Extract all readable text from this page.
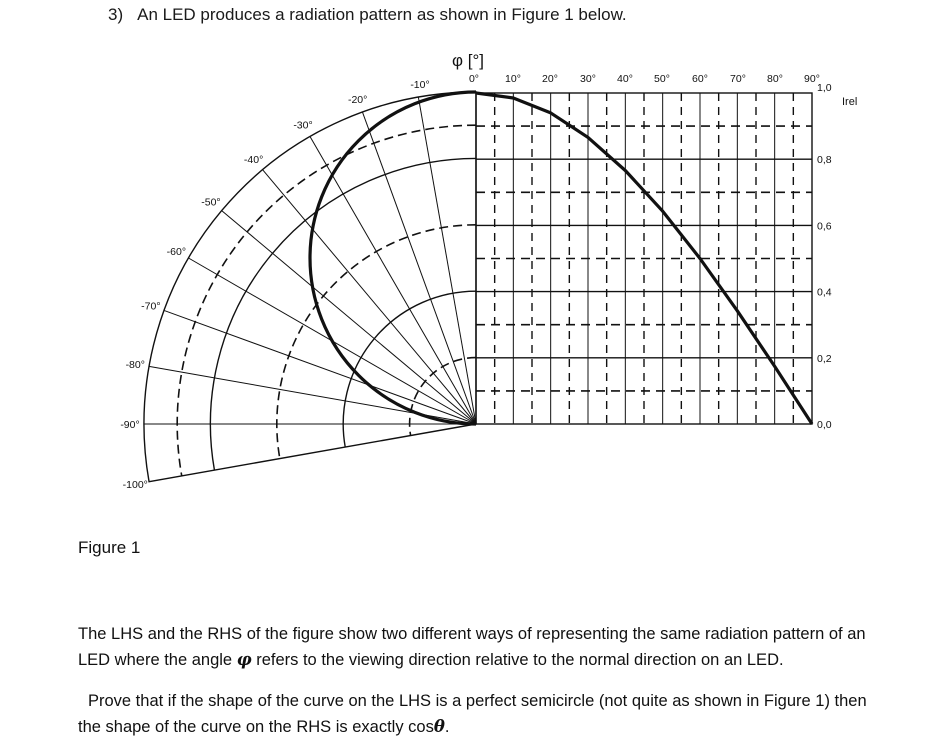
3) An LED produces a radiation pattern as shown in Figure 1 below.
φ [°]
-10°	0° 10° 20° 30° 40° 50° 60° 70° 80° 90°
-20°
-30°
-40°
-50°
-60°
-70°
-80°
-90°
-100°
1,0
0,8
0,6
0,4
0,2
0,0
Irel
Figure 1
The LHS and the RHS of the figure show two different ways of representing the same radiation pattern of an LED where the angle φ refers to the viewing direction relative to the normal direction on an LED.
Prove that if the shape of the curve on the LHS is a perfect semicircle (not quite as shown in Figure 1) then the shape of the curve on the RHS is exactly cosθ.
